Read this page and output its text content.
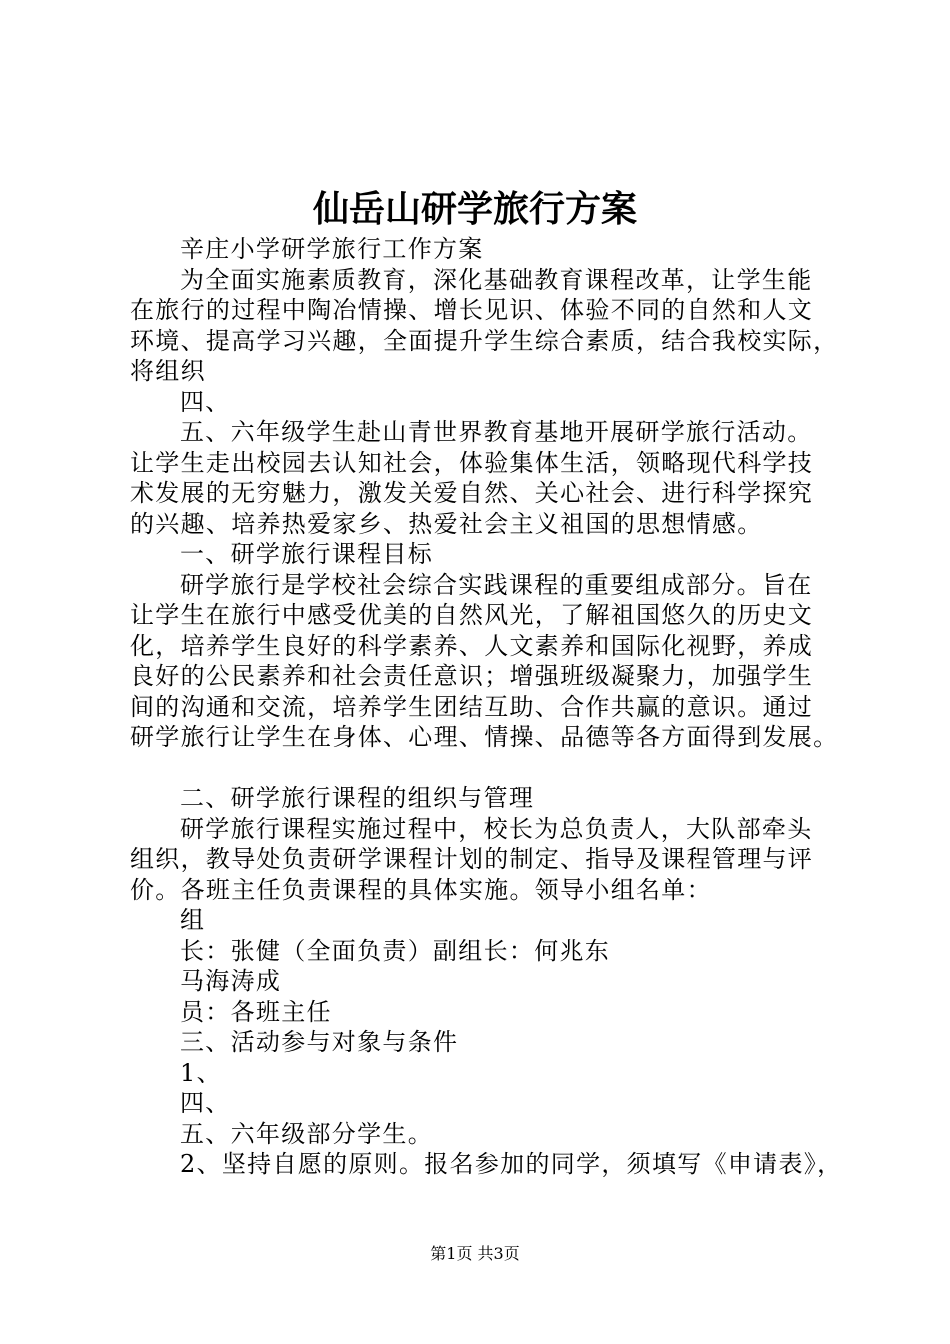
仙岳山研学旅行方案
辛庄小学研学旅行工作方案
为全面实施素质教育，深化基础教育课程改革，让学生能
在旅行的过程中陶冶情操、增长见识、体验不同的自然和人文
环境、提高学习兴趣，全面提升学生综合素质，结合我校实际，
将组织
四、
五、六年级学生赴山青世界教育基地开展研学旅行活动。
让学生走出校园去认知社会，体验集体生活，领略现代科学技
术发展的无穷魅力，激发关爱自然、关心社会、进行科学探究
的兴趣、培养热爱家乡、热爱社会主义祖国的思想情感。
一、研学旅行课程目标
研学旅行是学校社会综合实践课程的重要组成部分。旨在
让学生在旅行中感受优美的自然风光，了解祖国悠久的历史文
化，培养学生良好的科学素养、人文素养和国际化视野，养成
良好的公民素养和社会责任意识；增强班级凝聚力，加强学生
间的沟通和交流，培养学生团结互助、合作共赢的意识。通过
研学旅行让学生在身体、心理、情操、品德等各方面得到发展。
二、研学旅行课程的组织与管理
研学旅行课程实施过程中，校长为总负责人，大队部牵头
组织，教导处负责研学课程计划的制定、指导及课程管理与评
价。各班主任负责课程的具体实施。领导小组名单：
组
长：张健（全面负责）副组长：何兆东
马海涛成
员：各班主任
三、活动参与对象与条件
1、
四、
五、六年级部分学生。
2、坚持自愿的原则。报名参加的同学，须填写《申请表》，
第1页 共3页
